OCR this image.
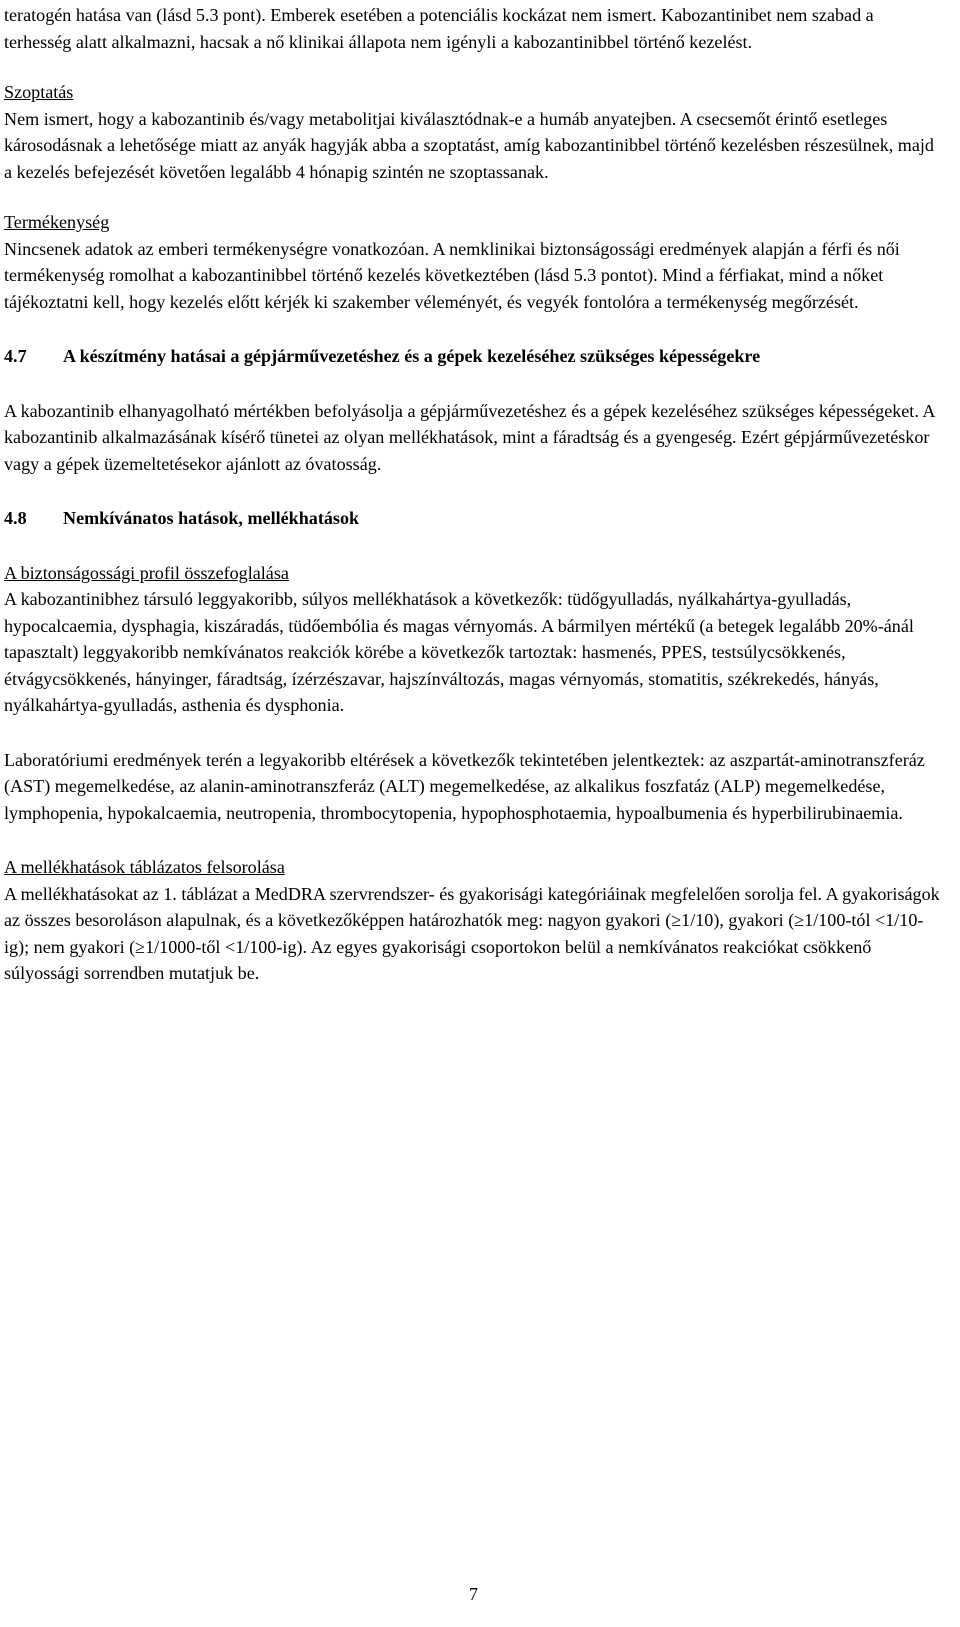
teratogén hatása van (lásd 5.3 pont). Emberek esetében a potenciális kockázat nem ismert. Kabozantinibet nem szabad a terhesség alatt alkalmazni, hacsak a nő klinikai állapota nem igényli a kabozantinibbel történő kezelést.

Szoptatás

Nem ismert, hogy a kabozantinib és/vagy metabolitjai kiválasztódnak-e a humáb anyatejben. A csecsemőt érintő esetleges károsodásnak a lehetősége miatt az anyák hagyják abba a szoptatást, amíg kabozantinibbel történő kezelésben részesülnek, majd a kezelés befejezését követően legalább 4 hónapig szintén ne szoptassanak.

Termékenység

Nincsenek adatok az emberi termékenységre vonatkozóan. A nemklinikai biztonságossági eredmények alapján a férfi és női termékenység romolhat a kabozantinibbel történő kezelés következtében (lásd 5.3 pontot). Mind a férfiakat, mind a nőket tájékoztatni kell, hogy kezelés előtt kérjék ki szakember véleményét, és vegyék fontolóra a termékenység megőrzését.

4.7	A készítmény hatásai a gépjárművezetéshez és a gépek kezeléséhez szükséges képességekre

A kabozantinib elhanyagolható mértékben befolyásolja a gépjárművezetéshez és a gépek kezeléséhez szükséges képességeket. A kabozantinib alkalmazásának kísérő tünetei az olyan mellékhatások, mint a fáradtság és a gyengeség. Ezért gépjárművezetéskor vagy a gépek üzemeltetésekor ajánlott az óvatosság.

4.8	Nemkívánatos hatások, mellékhatások

A biztonságossági profil összefoglalása

A kabozantinibhez társuló leggyakoribb, súlyos mellékhatások a következők: tüdőgyulladás, nyálkahártya-gyulladás, hypocalcaemia, dysphagia, kiszáradás, tüdőembólia és magas vérnyomás. A bármilyen mértékű (a betegek legalább 20%-ánál tapasztalt) leggyakoribb nemkívánatos reakciók körébe a következők tartoztak: hasmenés, PPES, testsúlycsökkenés, étvágycsökkenés, hányinger, fáradtság, ízérzészavar, hajszínváltozás, magas vérnyomás, stomatitis, székrekedés, hányás, nyálkahártya-gyulladás, asthenia és dysphonia.

Laboratóriumi eredmények terén a legyakoribb eltérések a következők tekintetében jelentkeztek: az aszpartát-aminotranszferáz (AST) megemelkedése, az alanin-aminotranszferáz (ALT) megemelkedése, az alkalikus foszfatáz (ALP) megemelkedése, lymphopenia, hypokalcaemia, neutropenia, thrombocytopenia, hypophosphotaemia, hypoalbumenia és hyperbilirubinaemia.

A mellékhatások táblázatos felsorolása

A mellékhatásokat az 1. táblázat a MedDRA szervrendszer- és gyakorisági kategóriáinak megfelelően sorolja fel. A gyakoriságok az összes besoroláson alapulnak, és a következőképpen határozhatók meg: nagyon gyakori (≥1/10), gyakori (≥1/100-tól <1/10-ig); nem gyakori (≥1/1000-től <1/100-ig). Az egyes gyakorisági csoportokon belül a nemkívánatos reakciókat csökkenő súlyossági sorrendben mutatjuk be.

7
